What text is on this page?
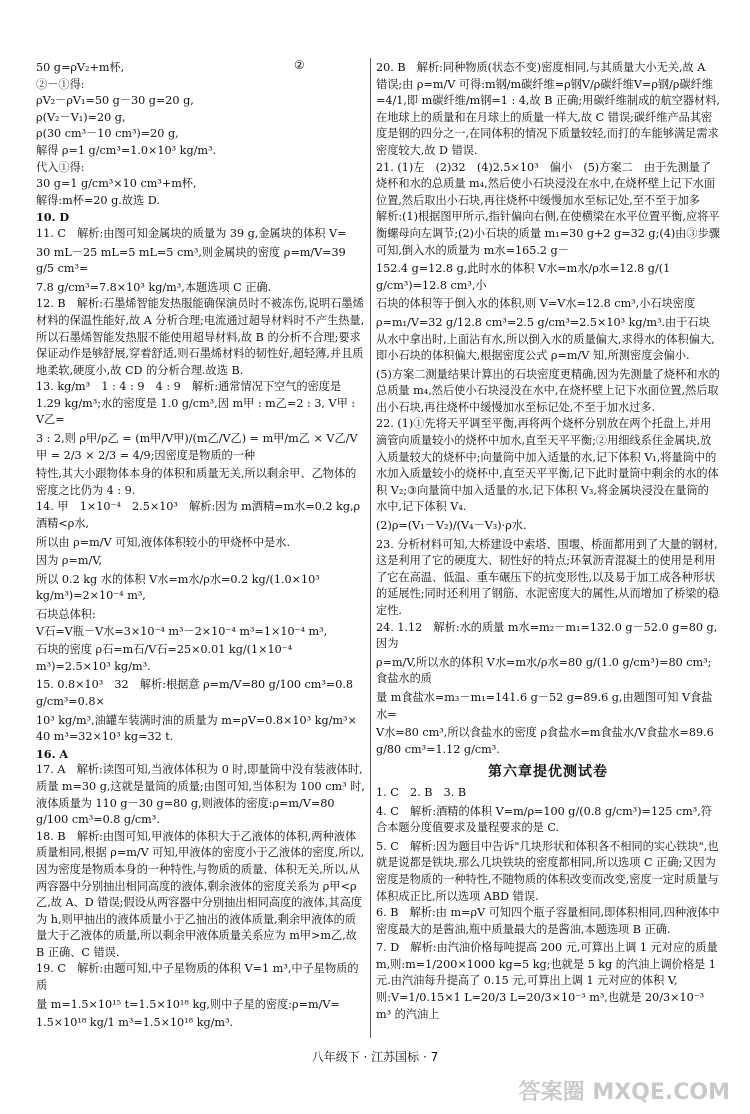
②

50 g=ρV₂+m杯,

②－①得:

ρV₂－ρV₁=50 g－30 g=20 g,

ρ(V₂－V₁)=20 g,

ρ(30 cm³－10 cm³)=20 g,

解得 ρ=1 g/cm³=1.0×10³ kg/m³.

代入①得:

30 g=1 g/cm³×10 cm³+m杯,

解得:m杯=20 g.故选 D.

10. D

11. C　解析:由图可知金属块的质量为 39 g,金属块的体积 V=

30 mL－25 mL=5 mL=5 cm³,则金属块的密度 ρ=m/V=39 g/5 cm³=

7.8 g/cm³=7.8×10³ kg/m³,本题选项 C 正确.

12. B　解析:石墨烯智能发热服能确保演员时不被冻伤,说明石墨烯材料的保温性能好,故 A 分析合理;电流通过超导材料时不产生热量,所以石墨烯智能发热服不能使用超导材料,故 B 的分析不合理;要求保证动作是够舒展,穿着舒适,则石墨烯材料的韧性好,超轻薄,并且质地柔软,硬度小,故 CD 的分析合理.故选 B.

13. kg/m³　1 : 4 : 9　4 : 9　解析:通常情况下空气的密度是 1.29 kg/m³;水的密度是 1.0 g/cm³,因 m甲 : m乙=2 : 3, V甲 : V乙=

3 : 2,则 ρ甲/ρ乙 = (m甲/V甲)/(m乙/V乙) = m甲/m乙 × V乙/V甲 = 2/3 × 2/3 = 4/9;因密度是物质的一种

特性,其大小跟物体本身的体积和质量无关,所以剩余甲、乙物体的密度之比仍为 4 : 9.

14. 甲　1×10⁻⁴　2.5×10³　解析:因为 m酒精=m水=0.2 kg,ρ酒精<ρ水,

所以由 ρ=m/V 可知,液体体积较小的甲烧杯中是水.

因为 ρ=m/V,

所以 0.2 kg 水的体积 V水=m水/ρ水=0.2 kg/(1.0×10³ kg/m³)=2×10⁻⁴ m³,

石块总体积:

V石=V瓶－V水=3×10⁻⁴ m³－2×10⁻⁴ m³=1×10⁻⁴ m³,

石块的密度 ρ石=m石/V石=25×0.01 kg/(1×10⁻⁴ m³)=2.5×10³ kg/m³.

15. 0.8×10³　32　解析:根据意 ρ=m/V=80 g/100 cm³=0.8 g/cm³=0.8×

10³ kg/m³,油罐车装满时油的质量为 m=ρV=0.8×10³ kg/m³×

40 m³=32×10³ kg=32 t.

16. A

17. A　解析:读图可知,当液体体积为 0 时,即量筒中没有装液体时,质量 m=30 g,这就是量筒的质量;由图可知,当体积为 100 cm³ 时,液体质量为 110 g－30 g=80 g,则液体的密度:ρ=m/V=80 g/100 cm³=0.8 g/cm³.

18. B　解析:由图可知,甲液体的体积大于乙液体的体积,两种液体质量相同,根据 ρ=m/V 可知,甲液体的密度小于乙液体的密度,所以,因为密度是物质本身的一种特性,与物质的质量、体积无关,所以,从两容器中分别抽出相同高度的液体,剩余液体的密度关系为 ρ甲<ρ乙,故 A、D 错误;假设从两容器中分别抽出相同高度的液体,其高度为 h,则甲抽出的液体质量小于乙抽出的液体质量,剩余甲液体的质量大于乙液体的质量,所以剩余甲液体质量关系应为 m甲>m乙,故 B 正确、C 错误.

19. C　解析:由题可知,中子星物质的体积 V=1 m³,中子星物质的质

量 m=1.5×10¹⁵ t=1.5×10¹⁸ kg,则中子星的密度:ρ=m/V=

1.5×10¹⁸ kg/1 m³=1.5×10¹⁸ kg/m³.

20. B　解析:同种物质(状态不变)密度相同,与其质量大小无关,故 A 错误;由 ρ=m/V 可得:m钢/m碳纤维=ρ钢V/ρ碳纤维V=ρ钢/ρ碳纤维=4/1,即 m碳纤维/m钢=1 : 4,故 B 正确;用碳纤维制成的航空器材料,在地球上的质量和在月球上的质量一样大,故 C 错误;碳纤维产品其密度是钢的四分之一,在同体积的情况下质量较轻,而打的车能够满足需求密度较大,故 D 错误.

21. (1)左　(2)32　(4)2.5×10³　偏小　(5)方案二　由于先测量了烧杯和水的总质量 m₄,然后使小石块浸没在水中,在烧杯壁上记下水面位置,然后取出小石块,再往烧杯中缓慢加水至标记处,至不至于加多　解析:(1)根据图甲所示,指针偏向右侧,在使横梁在水平位置平衡,应将平衡螺母向左调节;(2)小石块的质量 m₁=30 g+2 g=32 g;(4)由③步骤可知,倒入水的质量为 m水=165.2 g－

152.4 g=12.8 g,此时水的体积 V水=m水/ρ水=12.8 g/(1 g/cm³)=12.8 cm³,小

石块的体积等于倒入水的体积,则 V=V水=12.8 cm³,小石块密度

ρ=m₁/V=32 g/12.8 cm³=2.5 g/cm³=2.5×10³ kg/m³.由于石块从水中拿出时,上面沾有水,所以倒入水的质量偏大,求得水的体积偏大,即小石块的体积偏大,根据密度公式 ρ=m/V 知,所测密度会偏小.

(5)方案二测量结果计算出的石块密度更精确,因为先测量了烧杯和水的总质量 m₄,然后使小石块浸没在水中,在烧杯壁上记下水面位置,然后取出小石块,再往烧杯中缓慢加水至标记处,不至于加水过多.

22. (1)①先将天平调至平衡,再将两个烧杯分别放在两个托盘上,并用滴管向质量较小的烧杯中加水,直至天平平衡;②用细线系住金属块,放入质量较大的烧杯中;向量筒中加入适量的水,记下体积 V₁,将量筒中的水加入质量较小的烧杯中,直至天平平衡,记下此时量筒中剩余的水的体积 V₂;③向量筒中加入适量的水,记下体积 V₃,将金属块浸没在量筒的水中,记下体积 V₄.

(2)ρ=(V₁－V₂)/(V₄－V₃)·ρ水.

23. 分析材料可知,大桥建设中索塔、围堰、桥面都用到了大量的钢材,这是利用了它的硬度大、韧性好的特点;环氧沥青混凝土的使用是利用了它在高温、低温、重车碾压下的抗变形性,以及易于加工成各种形状的延展性;同时还利用了钢筋、水泥密度大的属性,从而增加了桥梁的稳定性.

24. 1.12　解析:水的质量 m水=m₂－m₁=132.0 g－52.0 g=80 g,因为

ρ=m/V,所以水的体积 V水=m水/ρ水=80 g/(1.0 g/cm³)=80 cm³;食盐水的质

量 m食盐水=m₃－m₁=141.6 g－52 g=89.6 g,由题图可知 V食盐水=

V水=80 cm³,所以食盐水的密度 ρ食盐水=m食盐水/V食盐水=89.6 g/80 cm³=1.12 g/cm³.

第六章提优测试卷

1. C　2. B　3. B

4. C　解析:酒精的体积 V=m/ρ=100 g/(0.8 g/cm³)=125 cm³,符合本题分度值要求及量程要求的是 C.

5. C　解析:因为题目中告诉"几块形状和体积各不相同的实心铁块",也就是说都是铁块,那么几块铁块的密度都相同,所以选项 C 正确;又因为密度是物质的一种特性,不随物质的体积改变而改变,密度一定时质量与体积成正比,所以选项 ABD 错误.

6. B　解析:由 m=ρV 可知四个瓶子容量相同,即体积相同,四种液体中密度最大的是酱油,瓶中质量最大的是酱油,本题选项 B 正确.

7. D　解析:由汽油价格每吨提高 200 元,可算出上调 1 元对应的质量 m,则:m=1/200×1000 kg=5 kg;也就是 5 kg 的汽油上调价格是 1 元.由汽油每升提高了 0.15 元,可算出上调 1 元对应的体积 V,则:V=1/0.15×1 L=20/3 L=20/3×10⁻³ m³,也就是 20/3×10⁻³ m³ 的汽油上

八年级下 · 江苏国标 · 7
答案圈 MXQE.COM
